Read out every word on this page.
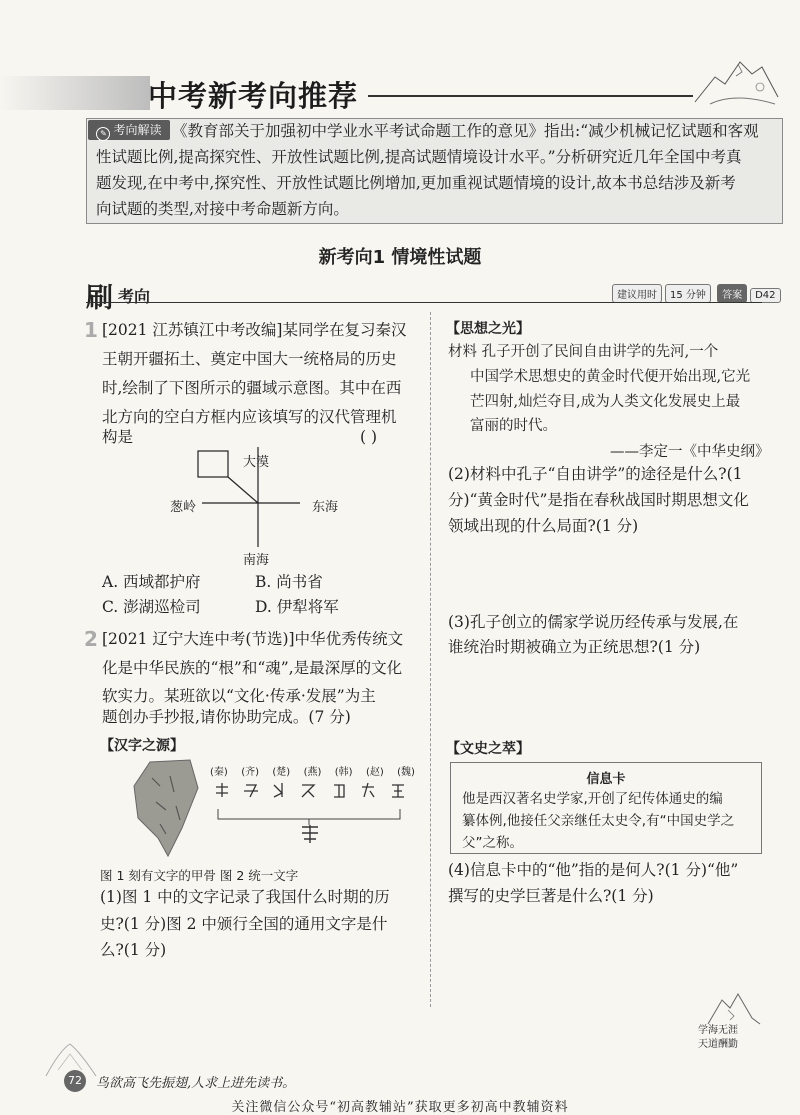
中考新考向推荐
✎ 考向解读 《教育部关于加强初中学业水平考试命题工作的意见》指出:“减少机械记忆试题和客观
性试题比例,提高探究性、开放性试题比例,提高试题情境设计水平。”分析研究近几年全国中考真
题发现,在中考中,探究性、开放性试题比例增加,更加重视试题情境的设计,故本书总结涉及新考
向试题的类型,对接中考命题新方向。
新考向1 情境性试题
刷 考向	建议用时 15 分钟 答案 D42
1 [2021 江苏镇江中考改编]某同学在复习秦汉
王朝开疆拓土、奠定中国大一统格局的历史
时,绘制了下图所示的疆域示意图。其中在西
北方向的空白方框内应该填写的汉代管理机
构是	( )
大漠
葱岭	东海
南海
A. 西域都护府	B. 尚书省
C. 澎湖巡检司	D. 伊犁将军
2 [2021 辽宁大连中考(节选)]中华优秀传统文
化是中华民族的“根”和“魂”,是最深厚的文化
软实力。某班欲以“文化·传承·发展”为主
题创办手抄报,请你协助完成。(7 分)
【汉字之源】
(秦) (齐) (楚) (燕) (韩) (赵) (魏)
图 1 刻有文字的甲骨 图 2 统一文字
(1)图 1 中的文字记录了我国什么时期的历
史?(1 分)图 2 中颁行全国的通用文字是什
么?(1 分)
【思想之光】
材料 孔子开创了民间自由讲学的先河,一个
中国学术思想史的黄金时代便开始出现,它光
芒四射,灿烂夺目,成为人类文化发展史上最
富丽的时代。
——李定一《中华史纲》
(2)材料中孔子“自由讲学”的途径是什么?(1
分)“黄金时代”是指在春秋战国时期思想文化
领域出现的什么局面?(1 分)
(3)孔子创立的儒家学说历经传承与发展,在
谁统治时期被确立为正统思想?(1 分)
【文史之萃】
信息卡
他是西汉著名史学家,开创了纪传体通史的编
纂体例,他接任父亲继任太史令,有“中国史学之
父”之称。
(4)信息卡中的“他”指的是何人?(1 分)“他”
撰写的史学巨著是什么?(1 分)
学海无涯
天道酬勤
72	鸟欲高飞先振翅,人求上进先读书。
关注微信公众号“初高教辅站”获取更多初高中教辅资料
